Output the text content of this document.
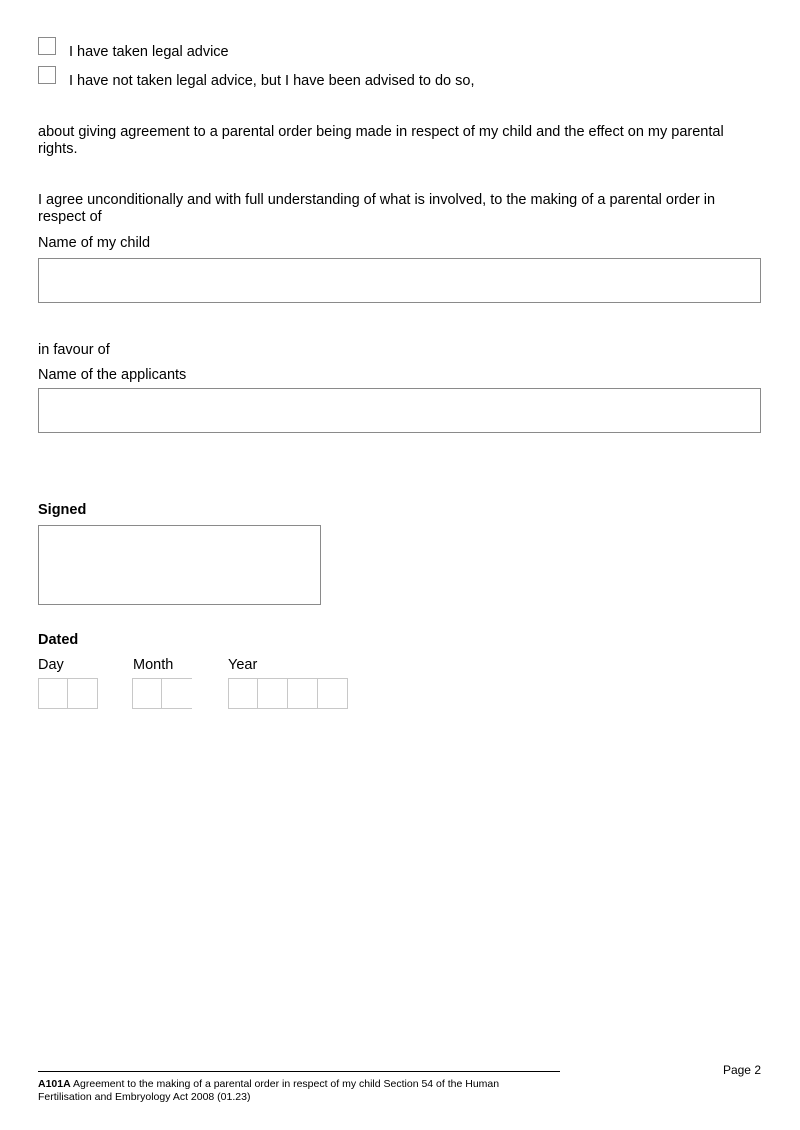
I have taken legal advice
I have not taken legal advice, but I have been advised to do so,
about giving agreement to a parental order being made in respect of my child and the effect on my parental rights.
I agree unconditionally and with full understanding of what is involved, to the making of a parental order in respect of
Name of my child
in favour of
Name of the applicants
Signed
Dated
Day	Month	Year
Page 2
A101A Agreement to the making of a parental order in respect of my child Section 54 of the Human Fertilisation and Embryology Act 2008 (01.23)
